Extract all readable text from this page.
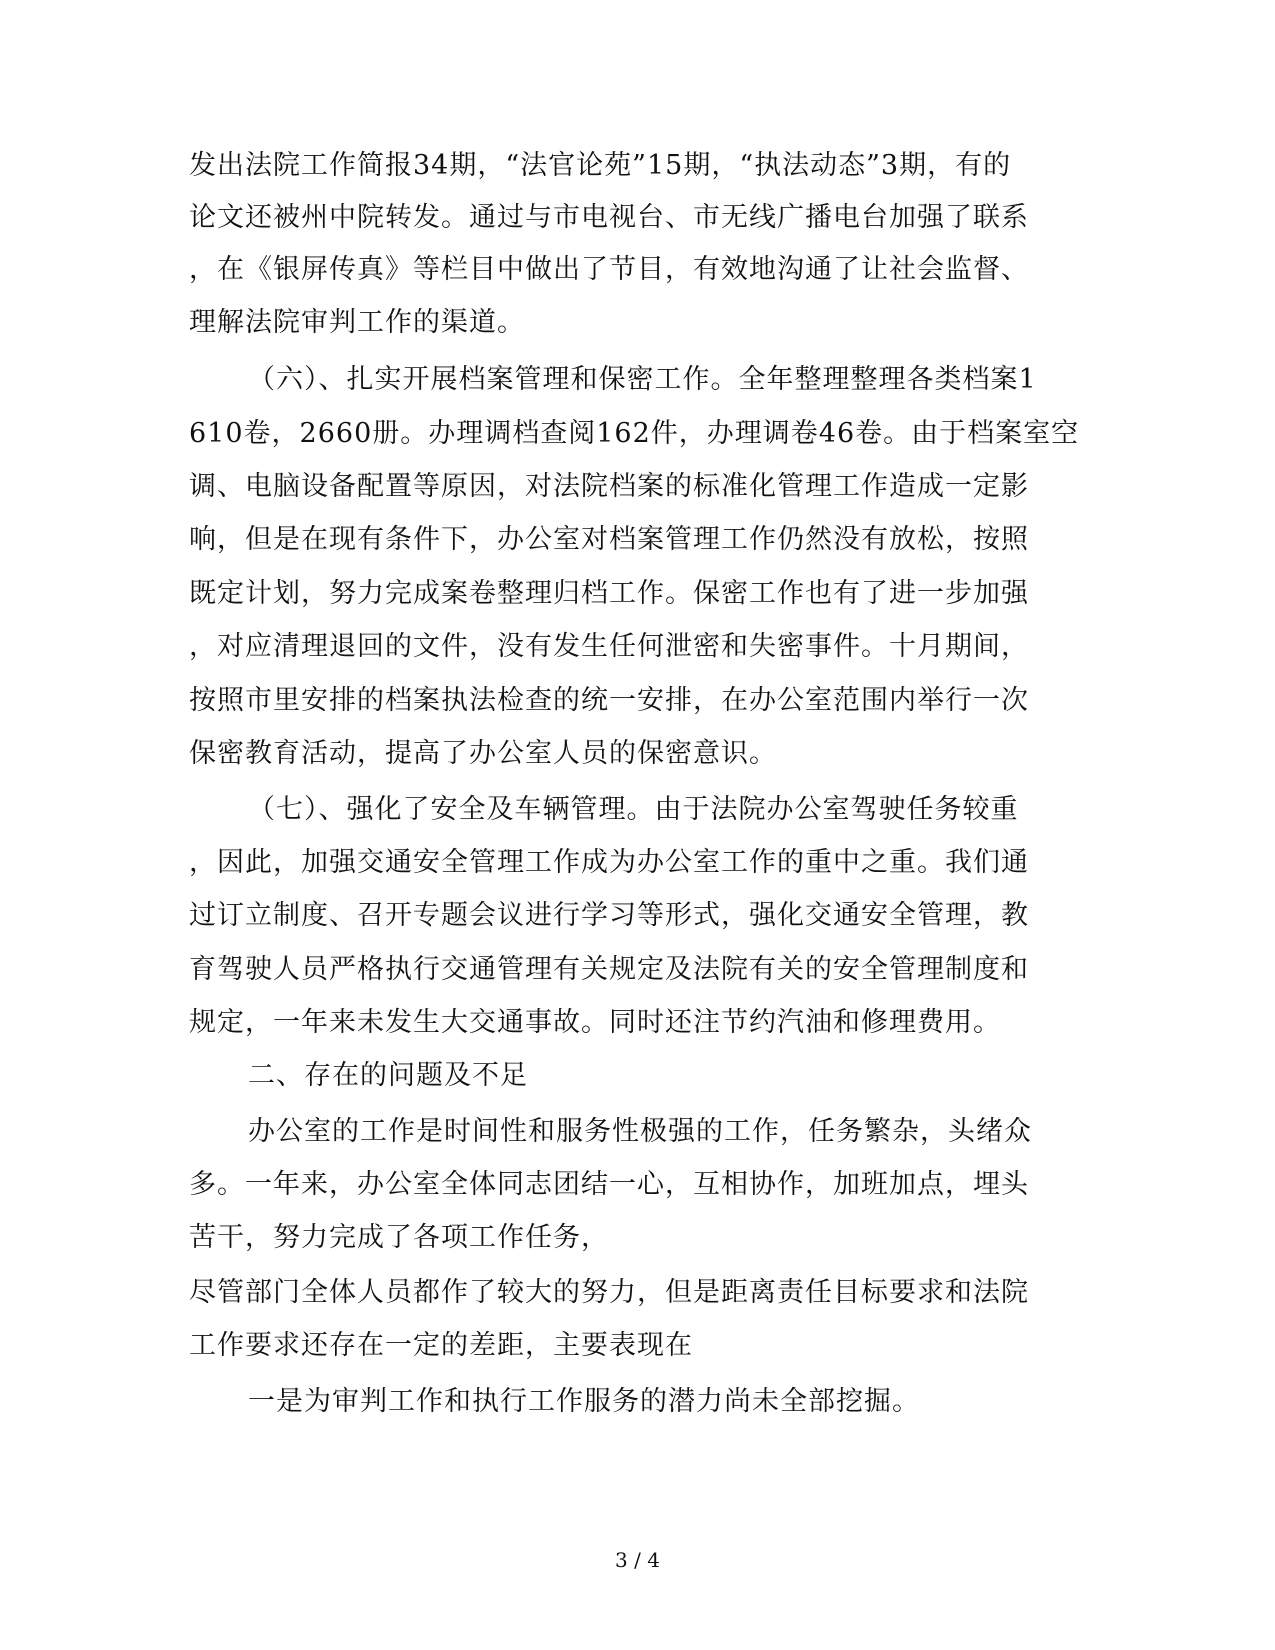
发出法院工作简报34期，“法官论苑”15期，“执法动态”3期，有的
论文还被州中院转发。通过与市电视台、市无线广播电台加强了联系
，在《银屏传真》等栏目中做出了节目，有效地沟通了让社会监督、
理解法院审判工作的渠道。
（六）、扎实开展档案管理和保密工作。全年整理整理各类档案1
610卷，2660册。办理调档查阅162件，办理调卷46卷。由于档案室空
调、电脑设备配置等原因，对法院档案的标准化管理工作造成一定影
响，但是在现有条件下，办公室对档案管理工作仍然没有放松，按照
既定计划，努力完成案卷整理归档工作。保密工作也有了进一步加强
，对应清理退回的文件，没有发生任何泄密和失密事件。十月期间，
按照市里安排的档案执法检查的统一安排，在办公室范围内举行一次
保密教育活动，提高了办公室人员的保密意识。
（七）、强化了安全及车辆管理。由于法院办公室驾驶任务较重
，因此，加强交通安全管理工作成为办公室工作的重中之重。我们通
过订立制度、召开专题会议进行学习等形式，强化交通安全管理，教
育驾驶人员严格执行交通管理有关规定及法院有关的安全管理制度和
规定，一年来未发生大交通事故。同时还注节约汽油和修理费用。
二、存在的问题及不足
办公室的工作是时间性和服务性极强的工作，任务繁杂，头绪众
多。一年来，办公室全体同志团结一心，互相协作，加班加点，埋头
苦干，努力完成了各项工作任务，
尽管部门全体人员都作了较大的努力，但是距离责任目标要求和法院
工作要求还存在一定的差距，主要表现在
一是为审判工作和执行工作服务的潜力尚未全部挖掘。
3 / 4
